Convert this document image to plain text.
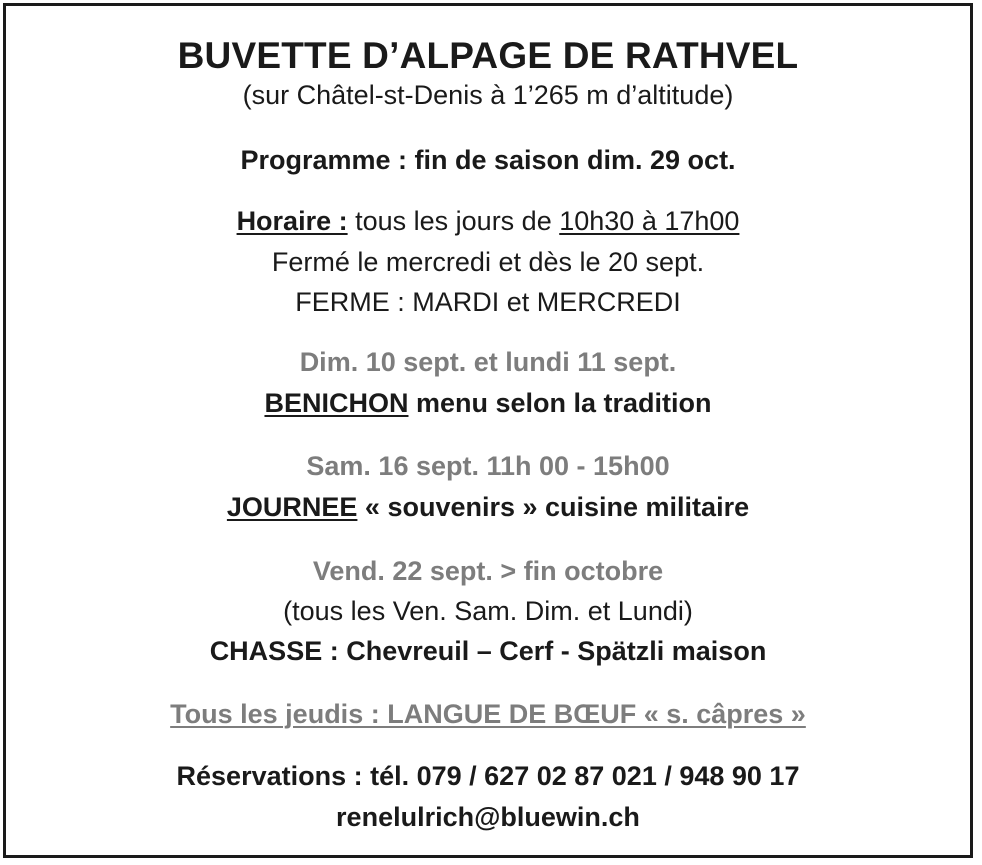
BUVETTE D’ALPAGE DE RATHVEL
(sur Châtel-st-Denis à 1’265 m d’altitude)
Programme : fin de saison dim. 29 oct.
Horaire : tous les jours de 10h30 à 17h00
Fermé le mercredi et dès le 20 sept.
FERME : MARDI et MERCREDI
Dim. 10 sept. et lundi 11 sept.
BENICHON menu selon la tradition
Sam. 16 sept. 11h 00 - 15h00
JOURNEE « souvenirs » cuisine militaire
Vend. 22 sept. > fin octobre
(tous les Ven. Sam. Dim. et Lundi)
CHASSE : Chevreuil – Cerf - Spätzli maison
Tous les jeudis : LANGUE DE BŒUF « s. câpres »
Réservations : tél. 079 / 627 02 87 021 / 948 90 17
renelulrich@bluewin.ch
